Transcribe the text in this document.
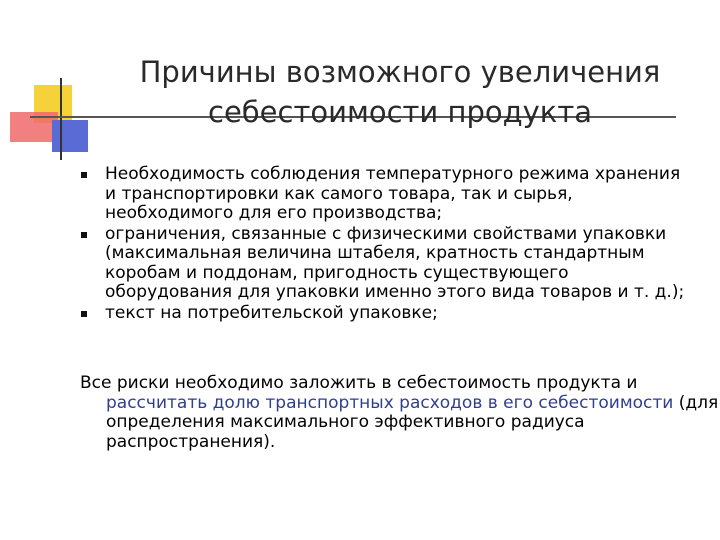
Причины возможного увеличения
себестоимости продукта
Необходимость соблюдения температурного режима хранения и транспортировки как самого товара, так и сырья, необходимого для его производства;
ограничения, связанные с физическими свойствами упаковки (максимальная величина штабеля, кратность стандартным коробам и поддонам, пригодность существующего оборудования для упаковки именно этого вида товаров и т. д.);
текст на потребительской упаковке;
Все риски необходимо заложить в себестоимость продукта и рассчитать долю транспортных расходов в его себестоимости (для определения максимального эффективного радиуса распространения).
